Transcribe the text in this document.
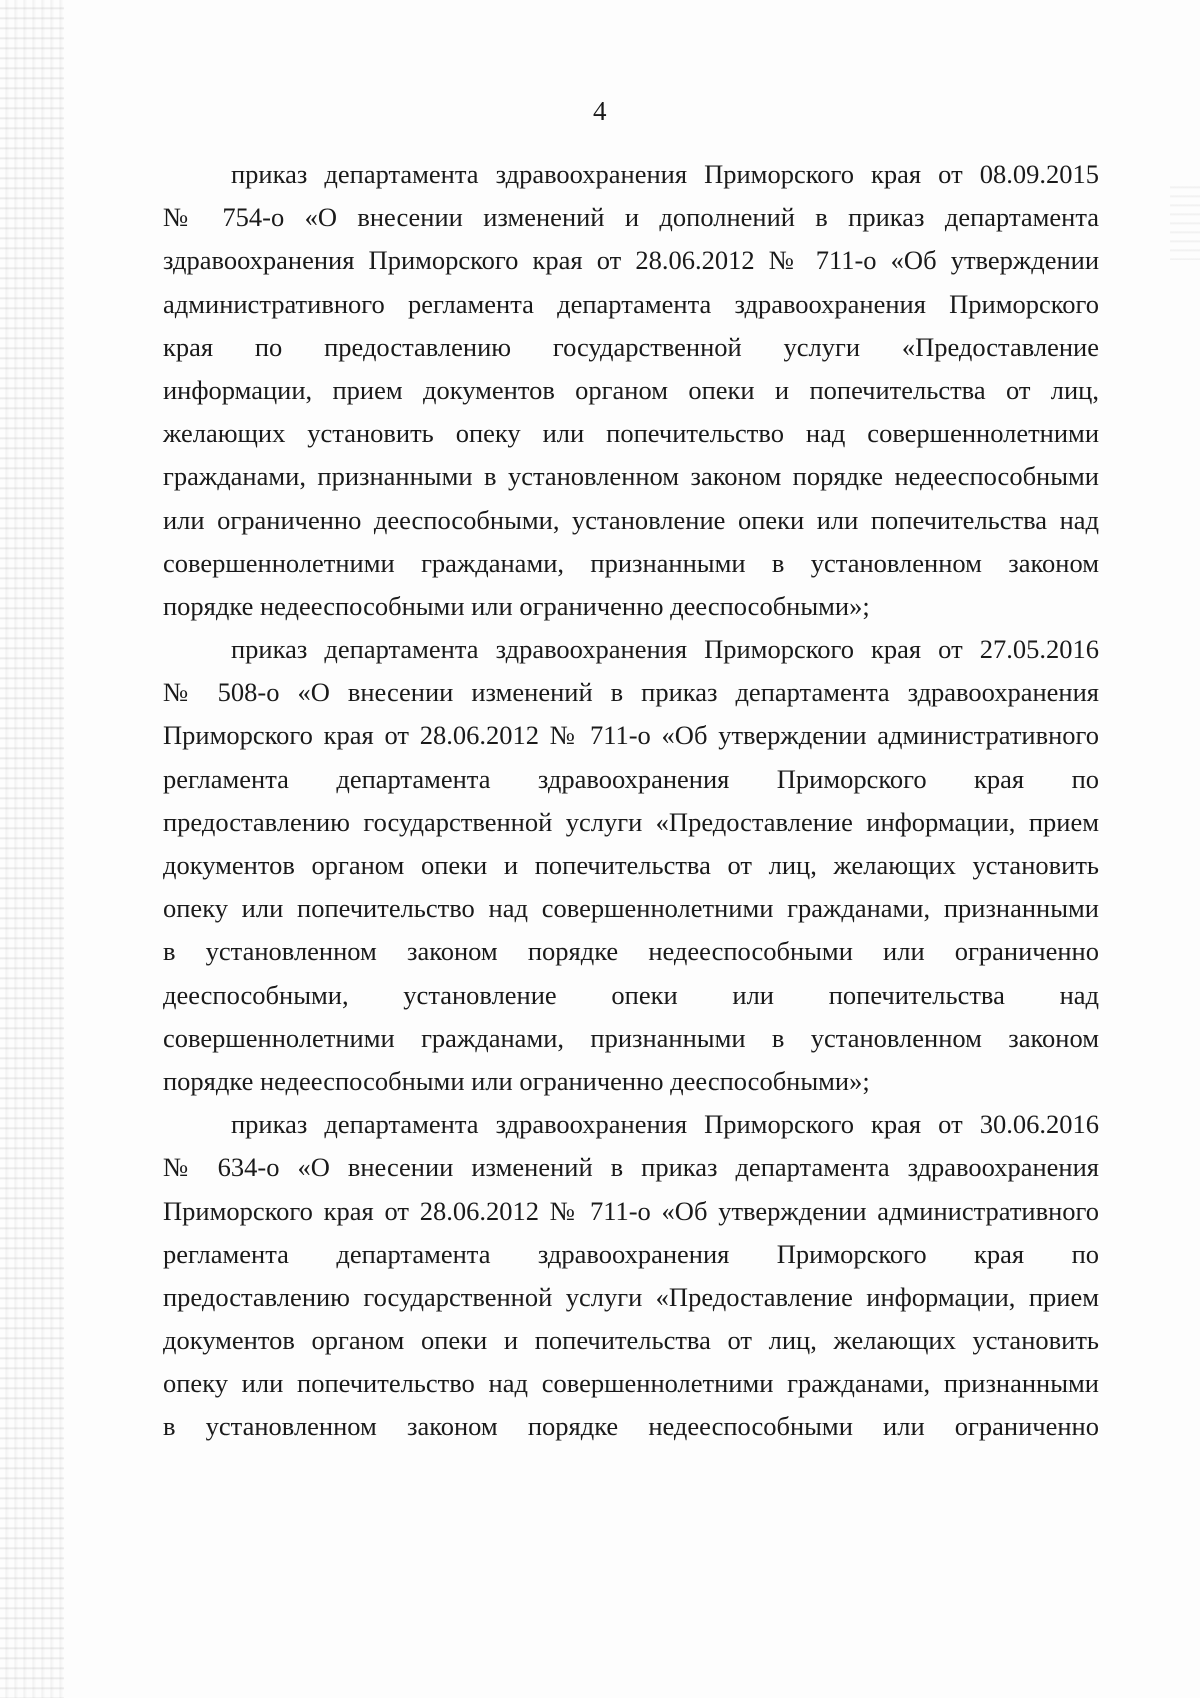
4
приказ департамента здравоохранения Приморского края от 08.09.2015
№ 754-о «О внесении изменений и дополнений в приказ департамента
здравоохранения Приморского края от 28.06.2012 № 711-о «Об утверждении
административного регламента департамента здравоохранения Приморского
края по предоставлению государственной услуги «Предоставление
информации, прием документов органом опеки и попечительства от лиц,
желающих установить опеку или попечительство над совершеннолетними
гражданами, признанными в установленном законом порядке недееспособными
или ограниченно дееспособными, установление опеки или попечительства над
совершеннолетними гражданами, признанными в установленном законом
порядке недееспособными или ограниченно дееспособными»;
приказ департамента здравоохранения Приморского края от 27.05.2016
№ 508-о «О внесении изменений в приказ департамента здравоохранения
Приморского края от 28.06.2012 № 711-о «Об утверждении административного
регламента департамента здравоохранения Приморского края по
предоставлению государственной услуги «Предоставление информации, прием
документов органом опеки и попечительства от лиц, желающих установить
опеку или попечительство над совершеннолетними гражданами, признанными
в установленном законом порядке недееспособными или ограниченно
дееспособными, установление опеки или попечительства над
совершеннолетними гражданами, признанными в установленном законом
порядке недееспособными или ограниченно дееспособными»;
приказ департамента здравоохранения Приморского края от 30.06.2016
№ 634-о «О внесении изменений в приказ департамента здравоохранения
Приморского края от 28.06.2012 № 711-о «Об утверждении административного
регламента департамента здравоохранения Приморского края по
предоставлению государственной услуги «Предоставление информации, прием
документов органом опеки и попечительства от лиц, желающих установить
опеку или попечительство над совершеннолетними гражданами, признанными
в установленном законом порядке недееспособными или ограниченно
